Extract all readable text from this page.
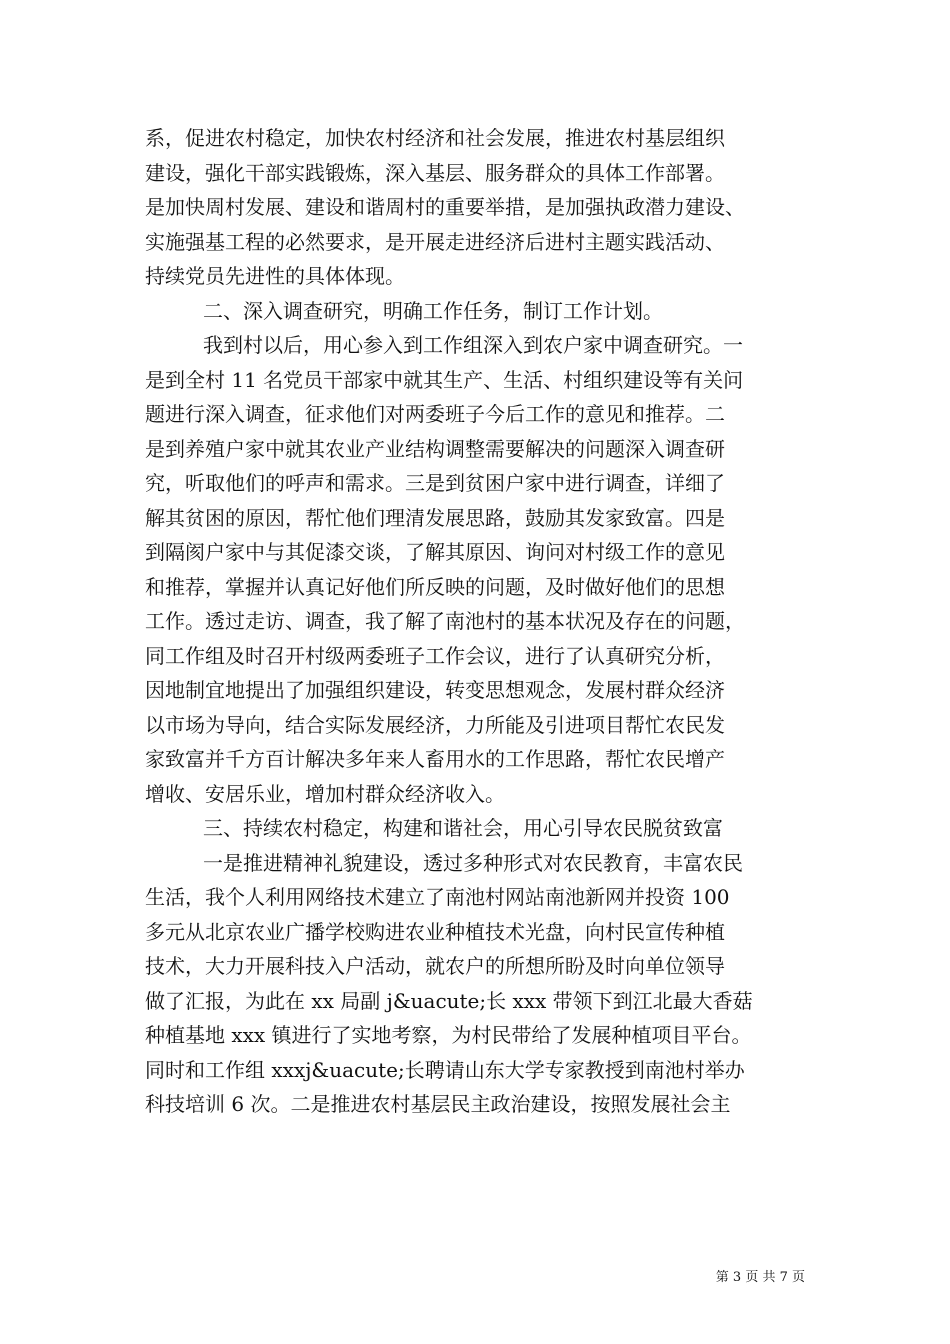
系，促进农村稳定，加快农村经济和社会发展，推进农村基层组织
建设，强化干部实践锻炼，深入基层、服务群众的具体工作部署。
是加快周村发展、建设和谐周村的重要举措，是加强执政潜力建设、
实施强基工程的必然要求，是开展走进经济后进村主题实践活动、
持续党员先进性的具体体现。
二、深入调查研究，明确工作任务，制订工作计划。
我到村以后，用心参入到工作组深入到农户家中调查研究。一
是到全村 11 名党员干部家中就其生产、生活、村组织建设等有关问
题进行深入调查，征求他们对两委班子今后工作的意见和推荐。二
是到养殖户家中就其农业产业结构调整需要解决的问题深入调查研
究，听取他们的呼声和需求。三是到贫困户家中进行调查，详细了
解其贫困的原因，帮忙他们理清发展思路，鼓励其发家致富。四是
到隔阂户家中与其促漆交谈，了解其原因、询问对村级工作的意见
和推荐，掌握并认真记好他们所反映的问题，及时做好他们的思想
工作。透过走访、调查，我了解了南池村的基本状况及存在的问题，
同工作组及时召开村级两委班子工作会议，进行了认真研究分析，
因地制宜地提出了加强组织建设，转变思想观念，发展村群众经济
以市场为导向，结合实际发展经济，力所能及引进项目帮忙农民发
家致富并千方百计解决多年来人畜用水的工作思路，帮忙农民增产
增收、安居乐业，增加村群众经济收入。
三、持续农村稳定，构建和谐社会，用心引导农民脱贫致富
一是推进精神礼貌建设，透过多种形式对农民教育，丰富农民
生活，我个人利用网络技术建立了南池村网站南池新网并投资 100
多元从北京农业广播学校购进农业种植技术光盘，向村民宣传种植
技术，大力开展科技入户活动，就农户的所想所盼及时向单位领导
做了汇报，为此在 xx 局副 j&uacute;长 xxx 带领下到江北最大香菇
种植基地 xxx 镇进行了实地考察，为村民带给了发展种植项目平台。
同时和工作组 xxxj&uacute;长聘请山东大学专家教授到南池村举办
科技培训 6 次。二是推进农村基层民主政治建设，按照发展社会主
第 3 页 共 7 页
